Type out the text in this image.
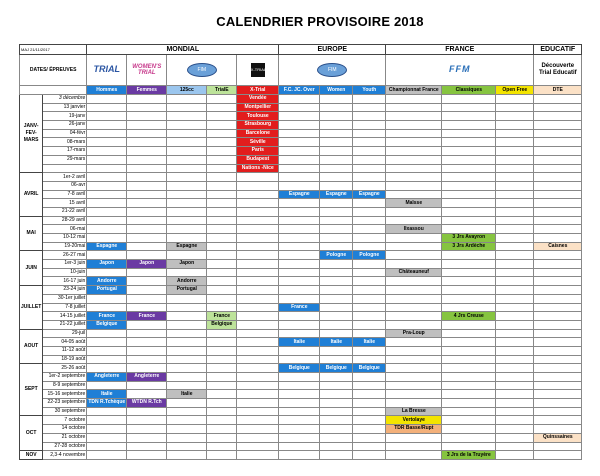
CALENDRIER PROVISOIRE 2018
MAJ 21/11/2017		MONDIAL					EUROPE			FRANCE			EDUCATIF
DATES/ ÉPREUVES		TRIAL	WOMEN'S TRIAL	FIM		X-TRIAL	FIM			FFM			Découverte Trial Educatif
		Hommes	Femmes	125cc	TrialE	X-Trial	F.C. JC. Over	Women	Youth	Championnat France	Classiques	Open Free	DTE
JANV-FEV-MARS	3 décembre					Vendée							
	13 janvier					Montpellier							
	19-janv					Toulouse							
	26-janv					Strasbourg							
	04-févr					Barcelone							
	08-mars					Séville							
	17-mars					Paris							
	29-mars					Budapest							
						Nations -Nice							
AVRIL	1er-2 avril												
	06-avr												
	7-8 avril						Espagne	Espagne	Espagne				
	15 avril									Maïsse			
	21-22 avril												
MAI	28-29 avril												
	06-mai									Ilxassou			
	10-12 mai										3 Jrs Avayron		
	19-20mai	Espagne		Espagne							3 Jrs Ardèche		Caisnes
JUIN	26-27 mai							Pologne	Pologne				
	1er-3 juin	Japon	Japon	Japon									
	10-juin									Châteauneuf			
	16-17 juin	Andorre		Andorre									
JUILLET	23-24 juin	Portugal		Portugal									
	30-1er juillet												
	7-8 juillet						France						
	14-15 juillet	France	France		France						4 Jrs Creuse		
	21-22 juillet	Belgique			Belgique								
AOUT	29-juil									Pra-Loup			
	04-05 août						Italie	Italie	Italie				
	11-12 août												
	18-19 août												
SEPT	25-26 août						Belgique	Belgique	Belgique				
	1er-2 septembre	Angleterre	Angleterre										
	8-9 septembre												
	15-16 septembre	Italie		Italie									
	22-23 septembre	TDN R.Tchèque	WTDN R.Tch										
	30 septembre									La Bresse			
OCT	7 octobre									Vertolaye			
	14 octobre									TDR Basse/Rupt			
	21 octobre												Quinssaines
	27-28 octobre												
NOV	2,3-4 novembre										3 Jrs de la Truyère		
